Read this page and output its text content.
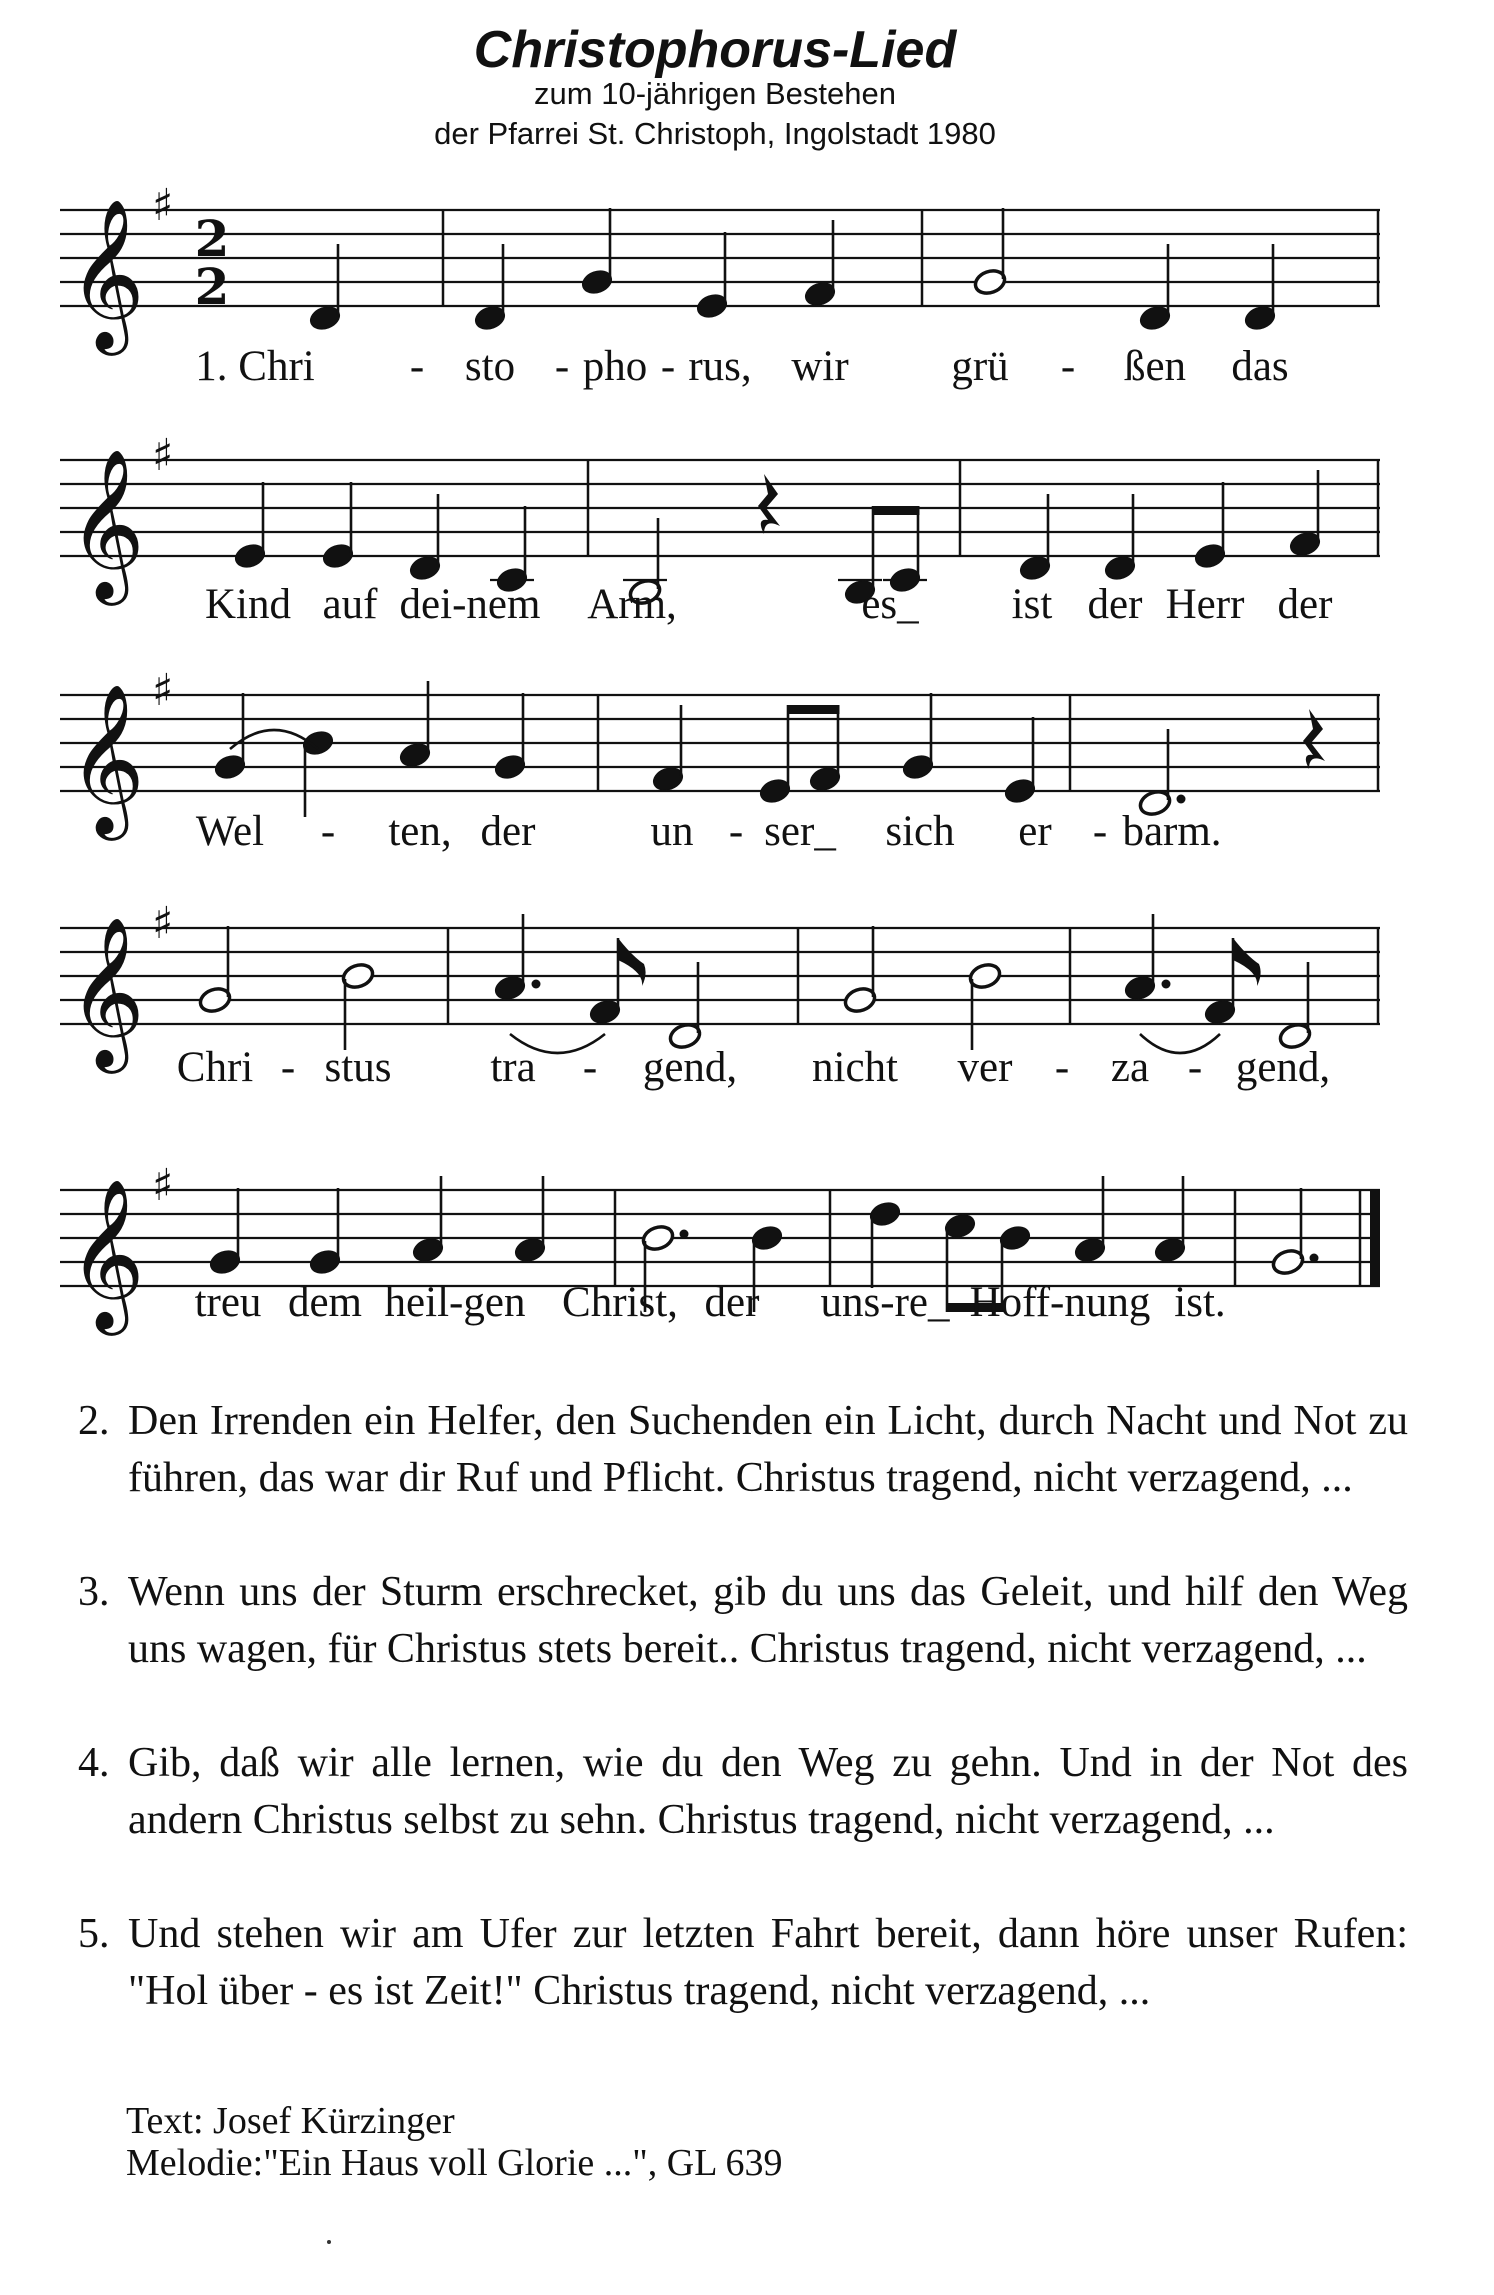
Christophorus-Lied
zum 10-jährigen Bestehen
der Pfarrei St. Christoph, Ingolstadt 1980
𝄞 ♯
2
2
1. Chri - sto - pho - rus, wir grü - ßen das
𝄞 ♯
Kind auf dei-nem Arm,	es_ ist der Herr der
𝄞 ♯
Wel - ten, der	un - ser_ sich er - barm.
𝄞 ♯
Chri - stus tra - gend, nicht ver - za - gend,
𝄞 ♯
treu dem heil-gen Christ, der uns-re_ Hoff-nung ist.
2. Den Irrenden ein Helfer, den Suchenden ein Licht, durch Nacht und Not zu führen, das war dir Ruf und Pflicht. Christus tragend, nicht verzagend, ...
3. Wenn uns der Sturm erschrecket, gib du uns das Geleit, und hilf den Weg uns wagen, für Christus stets bereit.. Christus tragend, nicht verzagend, ...
4. Gib, daß wir alle lernen, wie du den Weg zu gehn. Und in der Not des andern Christus selbst zu sehn. Christus tragend, nicht verzagend, ...
5. Und stehen wir am Ufer zur letzten Fahrt bereit, dann höre unser Rufen: "Hol über - es ist Zeit!" Christus tragend, nicht verzagend, ...
Text: Josef Kürzinger
Melodie:"Ein Haus voll Glorie ...", GL 639
